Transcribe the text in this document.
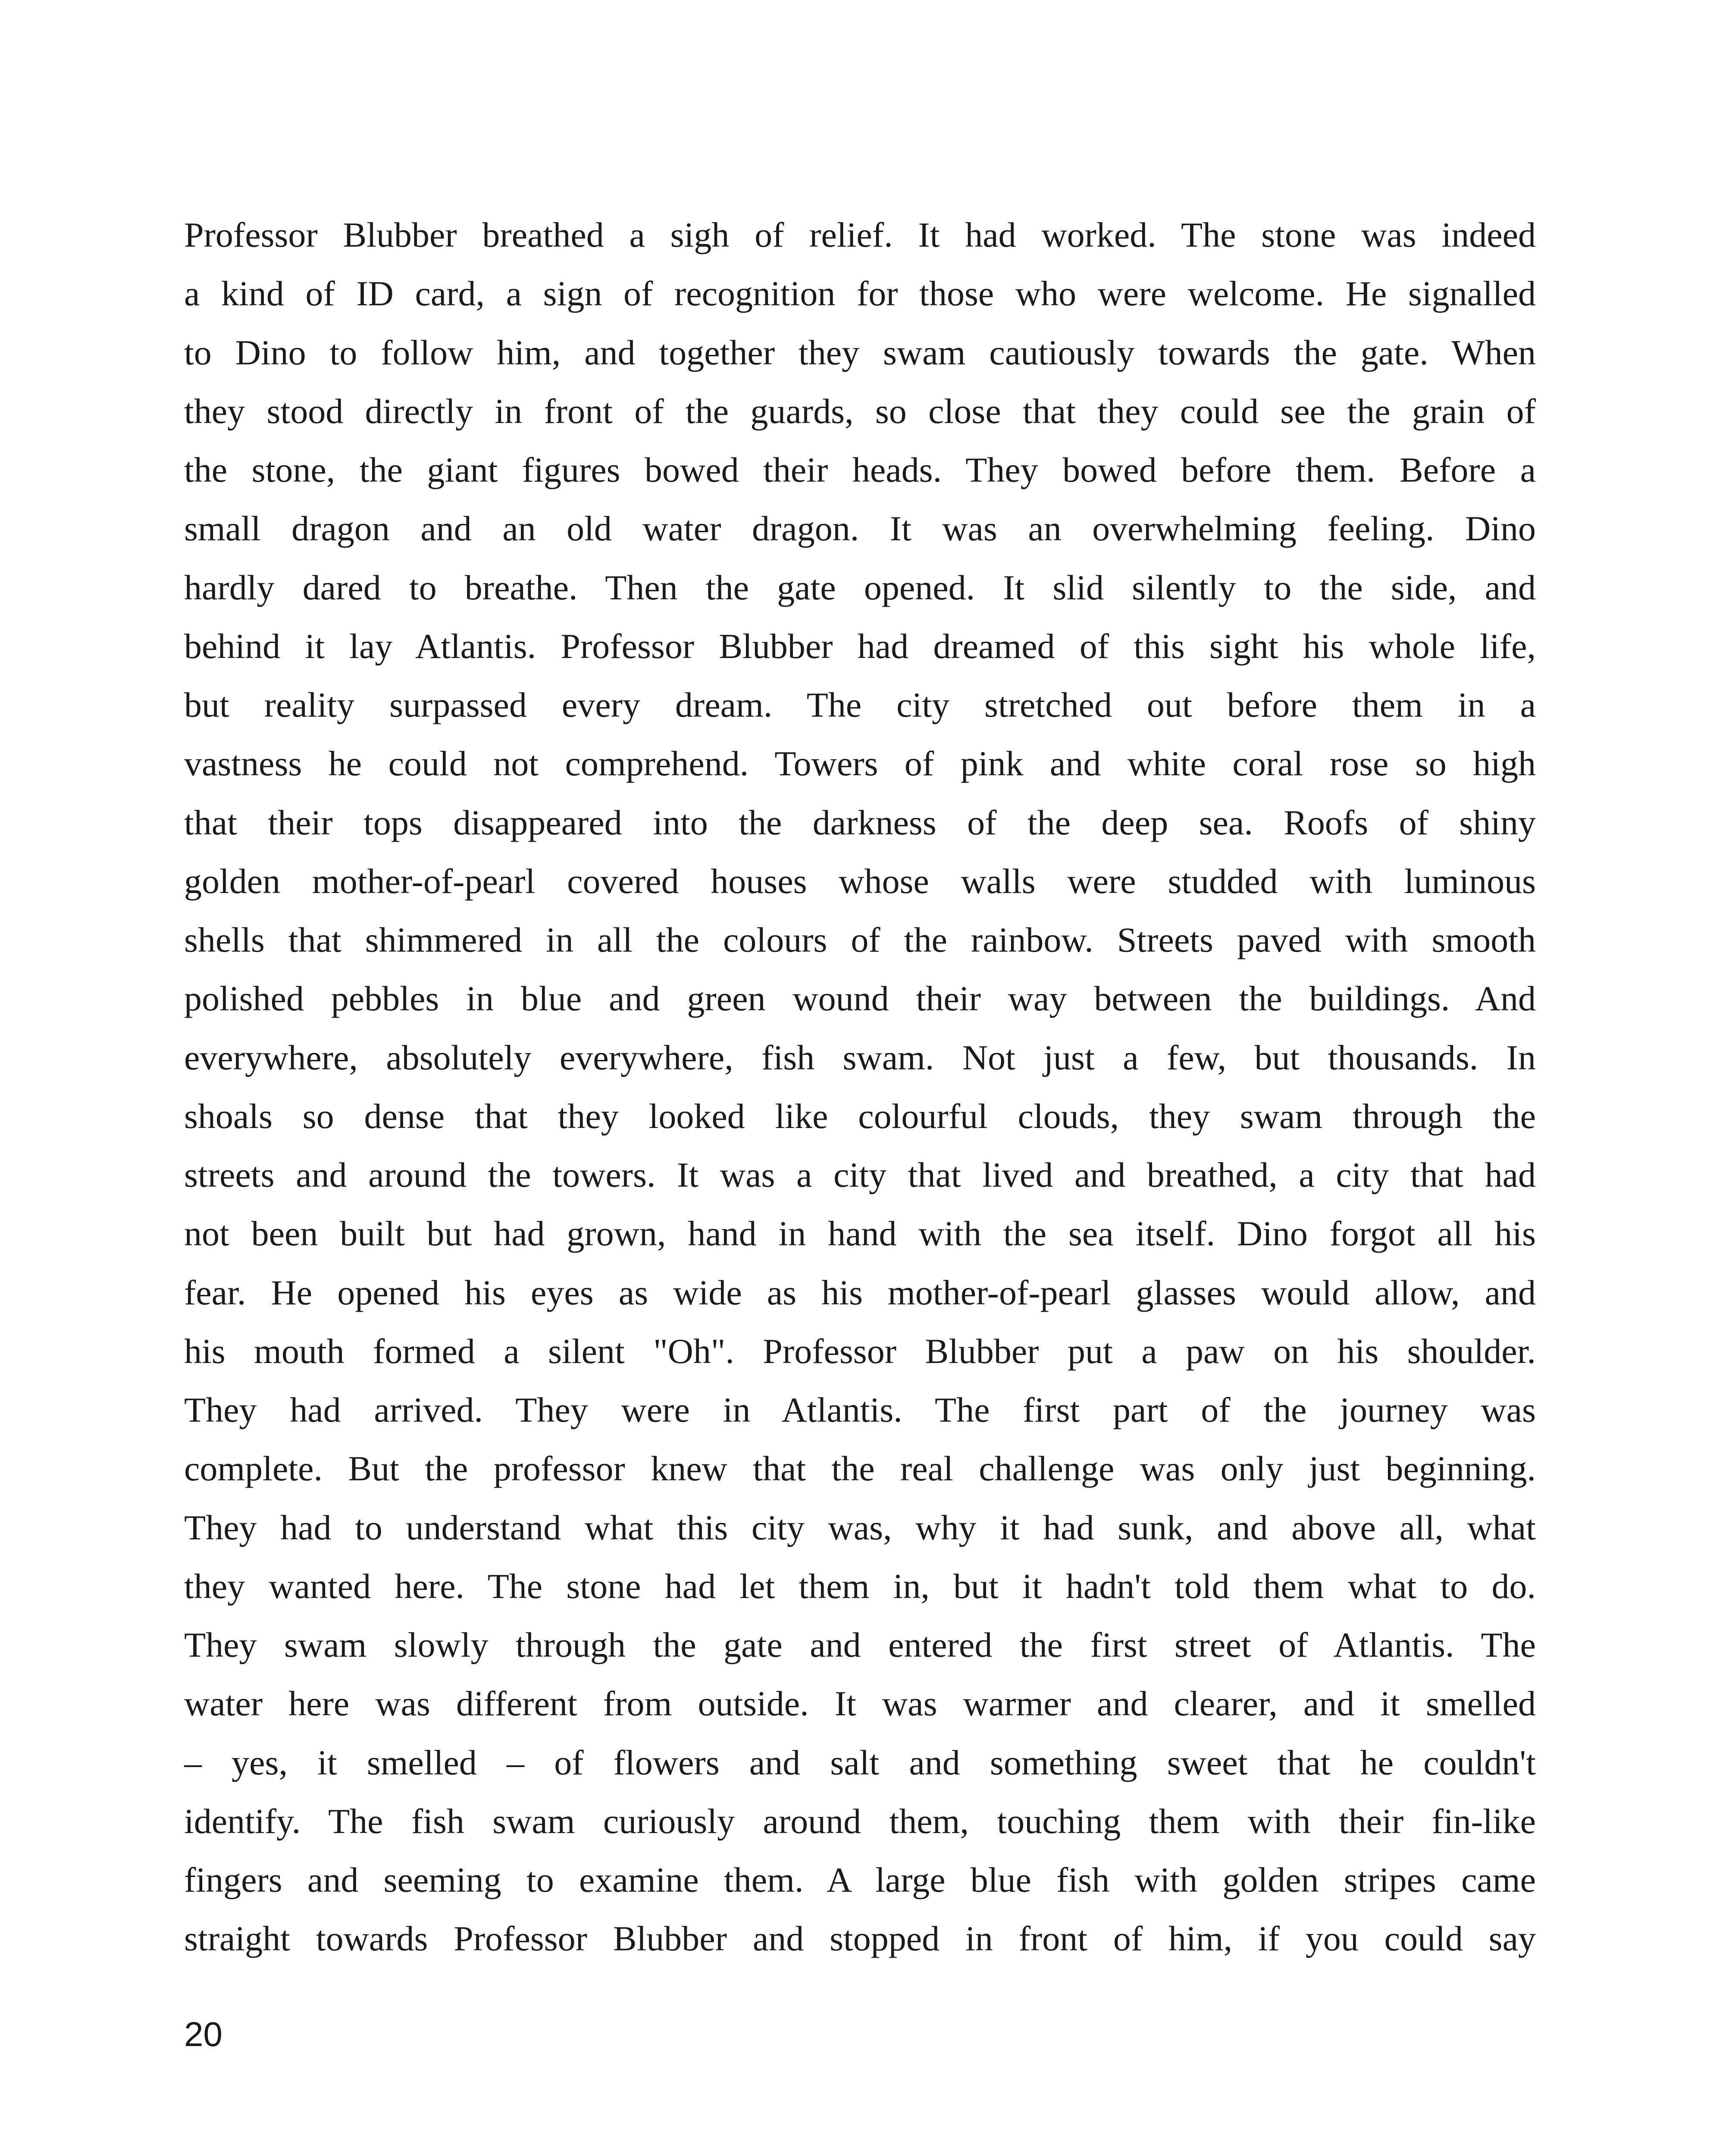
Professor Blubber breathed a sigh of relief. It had worked. The stone was indeed
a kind of ID card, a sign of recognition for those who were welcome. He signalled
to Dino to follow him, and together they swam cautiously towards the gate. When
they stood directly in front of the guards, so close that they could see the grain of
the stone, the giant figures bowed their heads. They bowed before them. Before a
small dragon and an old water dragon. It was an overwhelming feeling. Dino
hardly dared to breathe. Then the gate opened. It slid silently to the side, and
behind it lay Atlantis. Professor Blubber had dreamed of this sight his whole life,
but reality surpassed every dream. The city stretched out before them in a
vastness he could not comprehend. Towers of pink and white coral rose so high
that their tops disappeared into the darkness of the deep sea. Roofs of shiny
golden mother-of-pearl covered houses whose walls were studded with luminous
shells that shimmered in all the colours of the rainbow. Streets paved with smooth
polished pebbles in blue and green wound their way between the buildings. And
everywhere, absolutely everywhere, fish swam. Not just a few, but thousands. In
shoals so dense that they looked like colourful clouds, they swam through the
streets and around the towers. It was a city that lived and breathed, a city that had
not been built but had grown, hand in hand with the sea itself. Dino forgot all his
fear. He opened his eyes as wide as his mother-of-pearl glasses would allow, and
his mouth formed a silent "Oh". Professor Blubber put a paw on his shoulder.
They had arrived. They were in Atlantis. The first part of the journey was
complete. But the professor knew that the real challenge was only just beginning.
They had to understand what this city was, why it had sunk, and above all, what
they wanted here. The stone had let them in, but it hadn't told them what to do.
They swam slowly through the gate and entered the first street of Atlantis. The
water here was different from outside. It was warmer and clearer, and it smelled
– yes, it smelled – of flowers and salt and something sweet that he couldn't
identify. The fish swam curiously around them, touching them with their fin-like
fingers and seeming to examine them. A large blue fish with golden stripes came
straight towards Professor Blubber and stopped in front of him, if you could say
20
